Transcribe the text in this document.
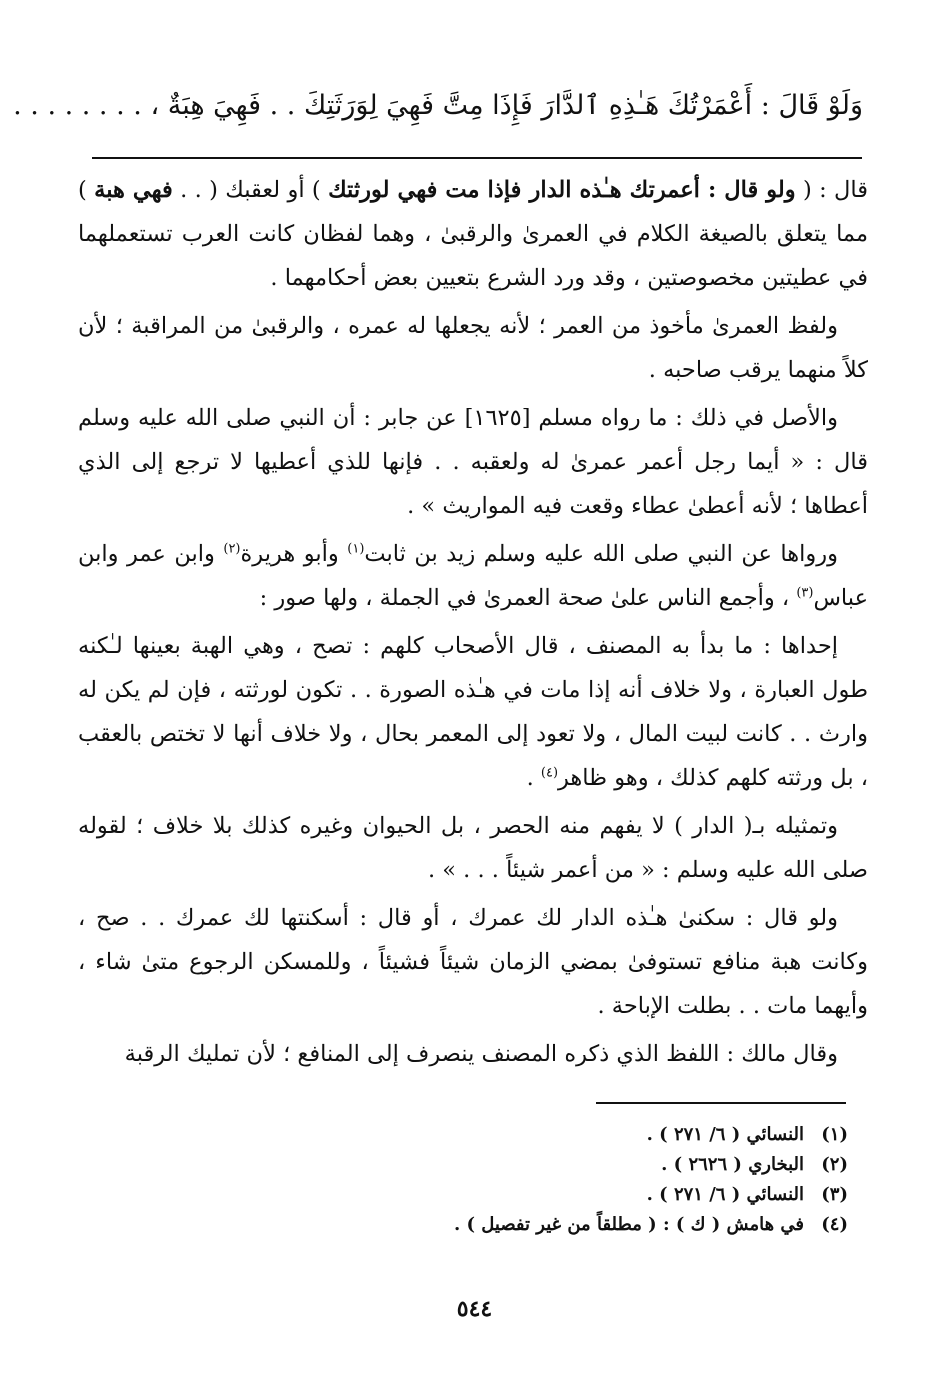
وَلَوْ قَالَ : أَعْمَرْتُكَ هَـٰذِهِ ٱلدَّارَ فَإِذَا مِتَّ فَهِيَ لِوَرَثَتِكَ . . فَهِيَ هِبَةٌ ، . . . . . . . .

قال : ( ولو قال : أعمرتك هـٰذه الدار فإذا مت فهي لورثتك ) أو لعقبك ( . . فهي هبة ) مما يتعلق بالصيغة الكلام في العمرىٰ والرقبىٰ ، وهما لفظان كانت العرب تستعملهما في عطيتين مخصوصتين ، وقد ورد الشرع بتعيين بعض أحكامهما .

ولفظ العمرىٰ مأخوذ من العمر ؛ لأنه يجعلها له عمره ، والرقبىٰ من المراقبة ؛ لأن كلاً منهما يرقب صاحبه .

والأصل في ذلك : ما رواه مسلم [١٦٢٥] عن جابر : أن النبي صلى الله عليه وسلم قال : « أيما رجل أعمر عمرىٰ له ولعقبه . . فإنها للذي أعطيها لا ترجع إلى الذي أعطاها ؛ لأنه أعطىٰ عطاء وقعت فيه المواريث » .

ورواها عن النبي صلى الله عليه وسلم زيد بن ثابت$^{(١)}$ وأبو هريرة$^{(٢)}$ وابن عمر وابن عباس$^{(٣)}$ ، وأجمع الناس علىٰ صحة العمرىٰ في الجملة ، ولها صور :

إحداها : ما بدأ به المصنف ، قال الأصحاب كلهم : تصح ، وهي الهبة بعينها لـٰكنه طول العبارة ، ولا خلاف أنه إذا مات في هـٰذه الصورة . . تكون لورثته ، فإن لم يكن له وارث . . كانت لبيت المال ، ولا تعود إلى المعمر بحال ، ولا خلاف أنها لا تختص بالعقب ، بل ورثته كلهم كذلك ، وهو ظاهر$^{(٤)}$ .

وتمثيله بـ( الدار ) لا يفهم منه الحصر ، بل الحيوان وغيره كذلك بلا خلاف ؛ لقوله صلى الله عليه وسلم : « من أعمر شيئاً . . . » .

ولو قال : سكنىٰ هـٰذه الدار لك عمرك ، أو قال : أسكنتها لك عمرك . . صح ، وكانت هبة منافع تستوفىٰ بمضي الزمان شيئاً فشيئاً ، وللمسكن الرجوع متىٰ شاء ، وأيهما مات . . بطلت الإباحة .

وقال مالك : اللفظ الذي ذكره المصنف ينصرف إلى المنافع ؛ لأن تمليك الرقبة

(١)
النسائي ( ٦/ ٢٧١ ) .
(٢)
البخاري ( ٢٦٢٦ ) .
(٣)
النسائي ( ٦/ ٢٧١ ) .
(٤)
في هامش ( ك ) : ( مطلقاً من غير تفصيل ) .
٥٤٤
